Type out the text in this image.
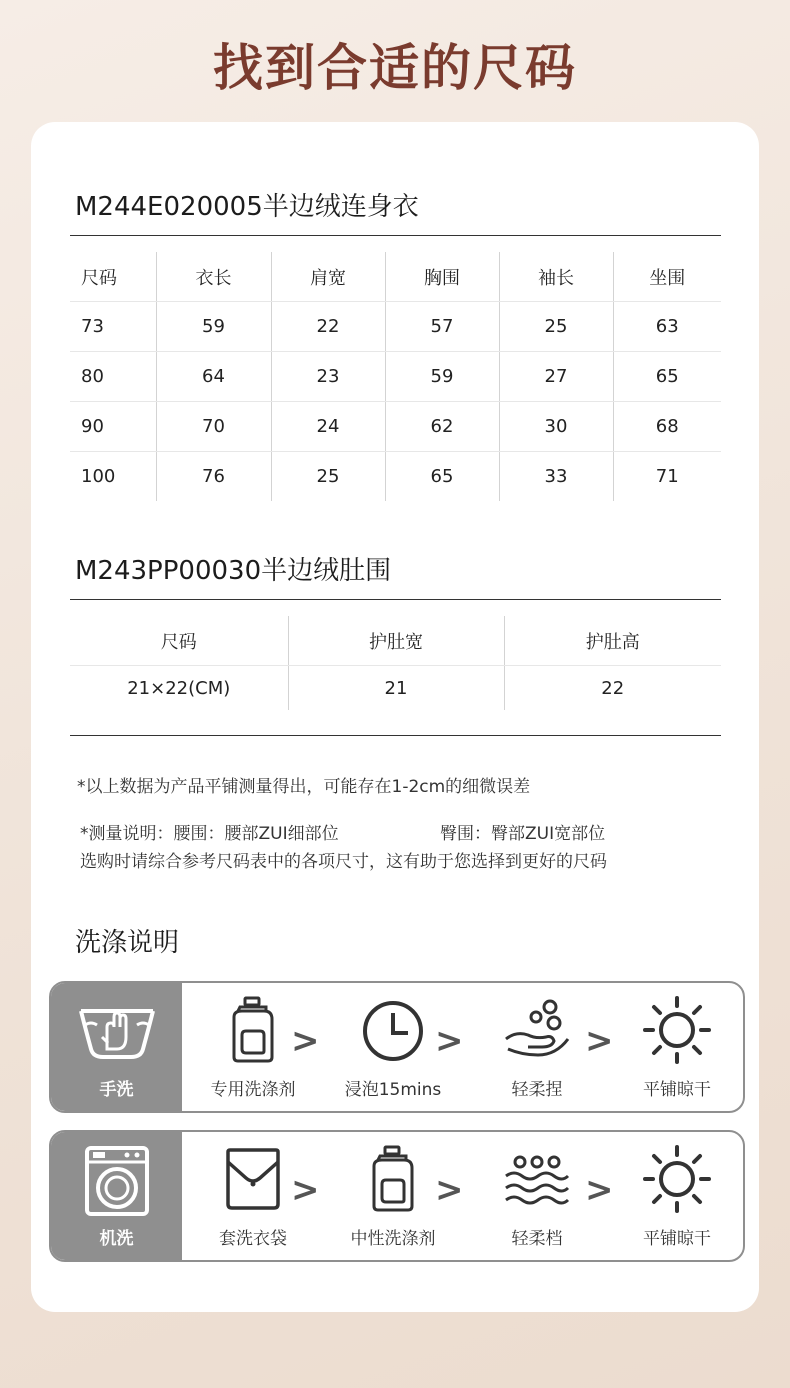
找到合适的尺码
M244E020005半边绒连身衣
尺码	衣长	肩宽	胸围	袖长	坐围
73	59	22	57	25	63
80	64	23	59	27	65
90	70	24	62	30	68
100	76	25	65	33	71
M243PP00030半边绒肚围
尺码	护肚宽	护肚高
21×22(CM)	21	22
*以上数据为产品平铺测量得出，可能存在1-2cm的细微误差
*测量说明：腰围：腰部ZUI细部位	臀围：臀部ZUI宽部位
选购时请综合参考尺码表中的各项尺寸，这有助于您选择到更好的尺码
洗涤说明
手洗	专用洗涤剂
>
浸泡15mins
>
轻柔捏
>
平铺晾干
机洗	套洗衣袋
>
中性洗涤剂
>
轻柔档
>
平铺晾干
